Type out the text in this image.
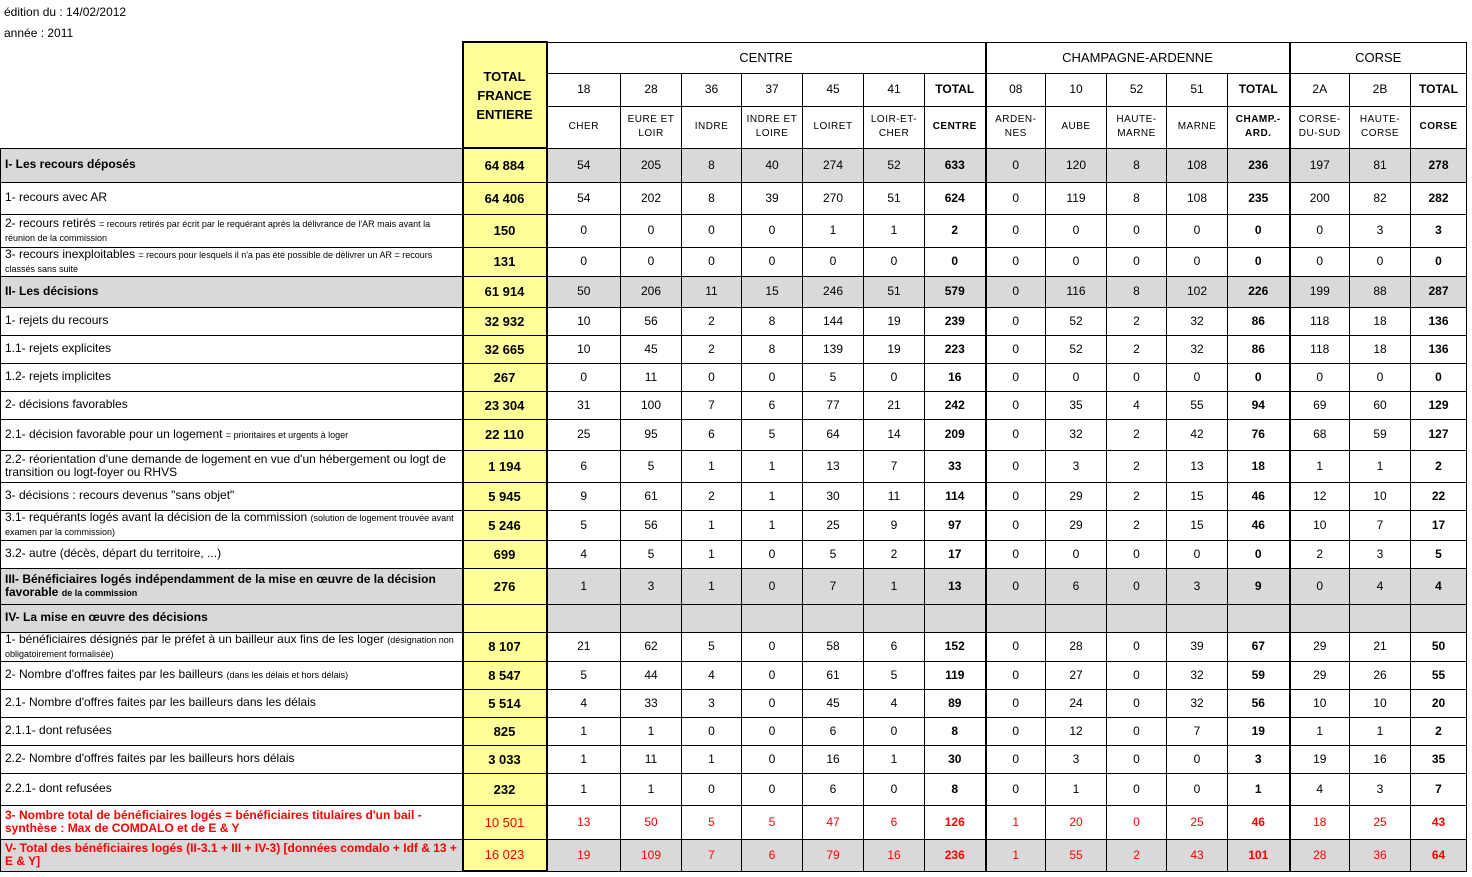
édition du : 14/02/2012
année : 2011
	TOTAL FRANCE ENTIERE	CENTRE							CHAMPAGNE-ARDENNE					CORSE		
		18	28	36	37	45	41	TOTAL	08	10	52	51	TOTAL	2A	2B	TOTAL
		CHER	EURE ET LOIR	INDRE	INDRE ET LOIRE	LOIRET	LOIR-ET-CHER	CENTRE	ARDEN-NES	AUBE	HAUTE-MARNE	MARNE	CHAMP.-ARD.	CORSE-DU-SUD	HAUTE-CORSE	CORSE
I- Les recours déposés	64 884	54	205	8	40	274	52	633	0	120	8	108	236	197	81	278
1- recours avec AR	64 406	54	202	8	39	270	51	624	0	119	8	108	235	200	82	282
2- recours retirés = recours retirés par écrit par le requérant après la délivrance de l'AR mais avant la réunion de la commission	150	0	0	0	0	1	1	2	0	0	0	0	0	0	3	3
3- recours inexploitables = recours pour lesquels il n'a pas été possible de délivrer un AR = recours classés sans suite	131	0	0	0	0	0	0	0	0	0	0	0	0	0	0	0
II- Les décisions	61 914	50	206	11	15	246	51	579	0	116	8	102	226	199	88	287
1- rejets du recours	32 932	10	56	2	8	144	19	239	0	52	2	32	86	118	18	136
1.1- rejets explicites	32 665	10	45	2	8	139	19	223	0	52	2	32	86	118	18	136
1.2- rejets implicites	267	0	11	0	0	5	0	16	0	0	0	0	0	0	0	0
2- décisions favorables	23 304	31	100	7	6	77	21	242	0	35	4	55	94	69	60	129
2.1- décision favorable pour un logement = prioritaires et urgents à loger	22 110	25	95	6	5	64	14	209	0	32	2	42	76	68	59	127
2.2- réorientation d'une demande de logement en vue d'un hébergement ou logt de transition ou logt-foyer ou RHVS	1 194	6	5	1	1	13	7	33	0	3	2	13	18	1	1	2
3- décisions : recours devenus "sans objet"	5 945	9	61	2	1	30	11	114	0	29	2	15	46	12	10	22
3.1- requérants logés avant la décision de la commission (solution de logement trouvée avant examen par la commission)	5 246	5	56	1	1	25	9	97	0	29	2	15	46	10	7	17
3.2- autre (décès, départ du territoire, ...)	699	4	5	1	0	5	2	17	0	0	0	0	0	2	3	5
III- Bénéficiaires logés indépendamment de la mise en œuvre de la décision favorable de la commission	276	1	3	1	0	7	1	13	0	6	0	3	9	0	4	4
IV- La mise en œuvre des décisions																
1- bénéficiaires désignés par le préfet à un bailleur aux fins de les loger (désignation non obligatoirement formalisée)	8 107	21	62	5	0	58	6	152	0	28	0	39	67	29	21	50
2- Nombre d'offres faites par les bailleurs (dans les délais et hors délais)	8 547	5	44	4	0	61	5	119	0	27	0	32	59	29	26	55
2.1- Nombre d'offres faites par les bailleurs dans les délais	5 514	4	33	3	0	45	4	89	0	24	0	32	56	10	10	20
2.1.1- dont refusées	825	1	1	0	0	6	0	8	0	12	0	7	19	1	1	2
2.2- Nombre d'offres faites par les bailleurs hors délais	3 033	1	11	1	0	16	1	30	0	3	0	0	3	19	16	35
2.2.1- dont refusées	232	1	1	0	0	6	0	8	0	1	0	0	1	4	3	7
3- Nombre total de bénéficiaires logés = bénéficiaires titulaires d'un bail - synthèse : Max de COMDALO et de E & Y	10 501	13	50	5	5	47	6	126	1	20	0	25	46	18	25	43
V- Total des bénéficiaires logés (II-3.1 + III + IV-3) [données comdalo + Idf & 13 + E & Y]	16 023	19	109	7	6	79	16	236	1	55	2	43	101	28	36	64
